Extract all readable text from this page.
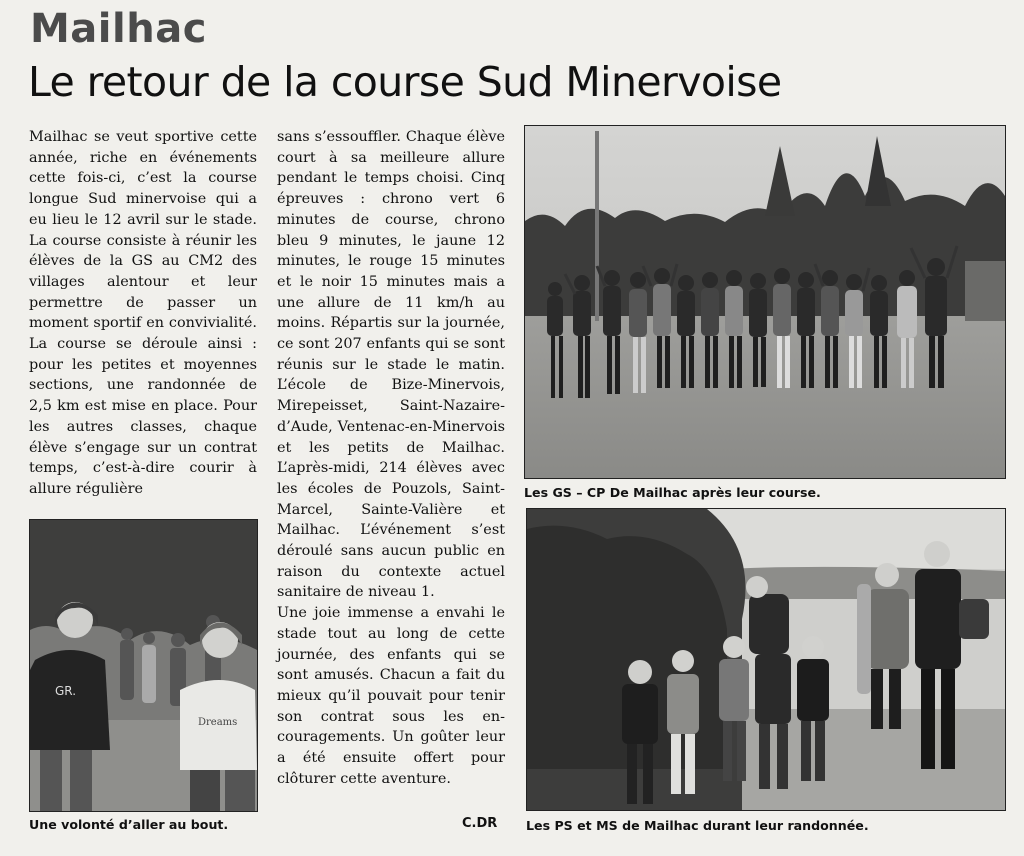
Mailhac
Le retour de la course Sud Minervoise

Mailhac se veut sportive cette année, riche en événements cette fois-ci, c’est la course longue Sud minervoise qui a eu lieu le 12 avril sur le stade. La course consiste à réunir les élèves de la GS au CM2 des villages alentour et leur permettre de passer un moment sportif en convivialité. La course se déroule ainsi : pour les petites et moyennes sections, une randonnée de 2,5 km est mise en place. Pour les autres classes, chaque élève s’engage sur un contrat temps, c’est-à-dire courir à allure régulière

sans s’essouffler. Chaque élève court à sa meilleure allure pendant le temps choisi. Cinq épreuves : chrono vert 6 minutes de course, chrono bleu 9 minutes, le jaune 12 minutes, le rouge 15 minutes et le noir 15 minutes mais a une allure de 11 km/h au moins. Répartis sur la journée, ce sont 207 enfants qui se sont réunis sur le stade le matin. L’école de Bize-Minervois, Mirepeisset, Saint-Nazaire-d’Aude, Ventenac-en-Minervois et les petits de Mailhac. L’après-midi, 214 élèves avec les écoles de Pouzols, Saint-Marcel, Sainte-Valière et Mailhac. L’événement s’est déroulé sans aucun public en raison du contexte actuel sanitaire de niveau 1.

Une joie immense a envahi le stade tout au long de cette journée, des enfants qui se sont amusés. Chacun a fait du mieux qu’il pouvait pour tenir son contrat sous les encouragements. Un goûter leur a été ensuite offert pour clôturer cette aventure.

Les GS – CP De Mailhac après leur course.
GR.
Dreams
Une volonté d’aller au bout.	Les PS et MS de Mailhac durant leur randonnée.
C.DR
